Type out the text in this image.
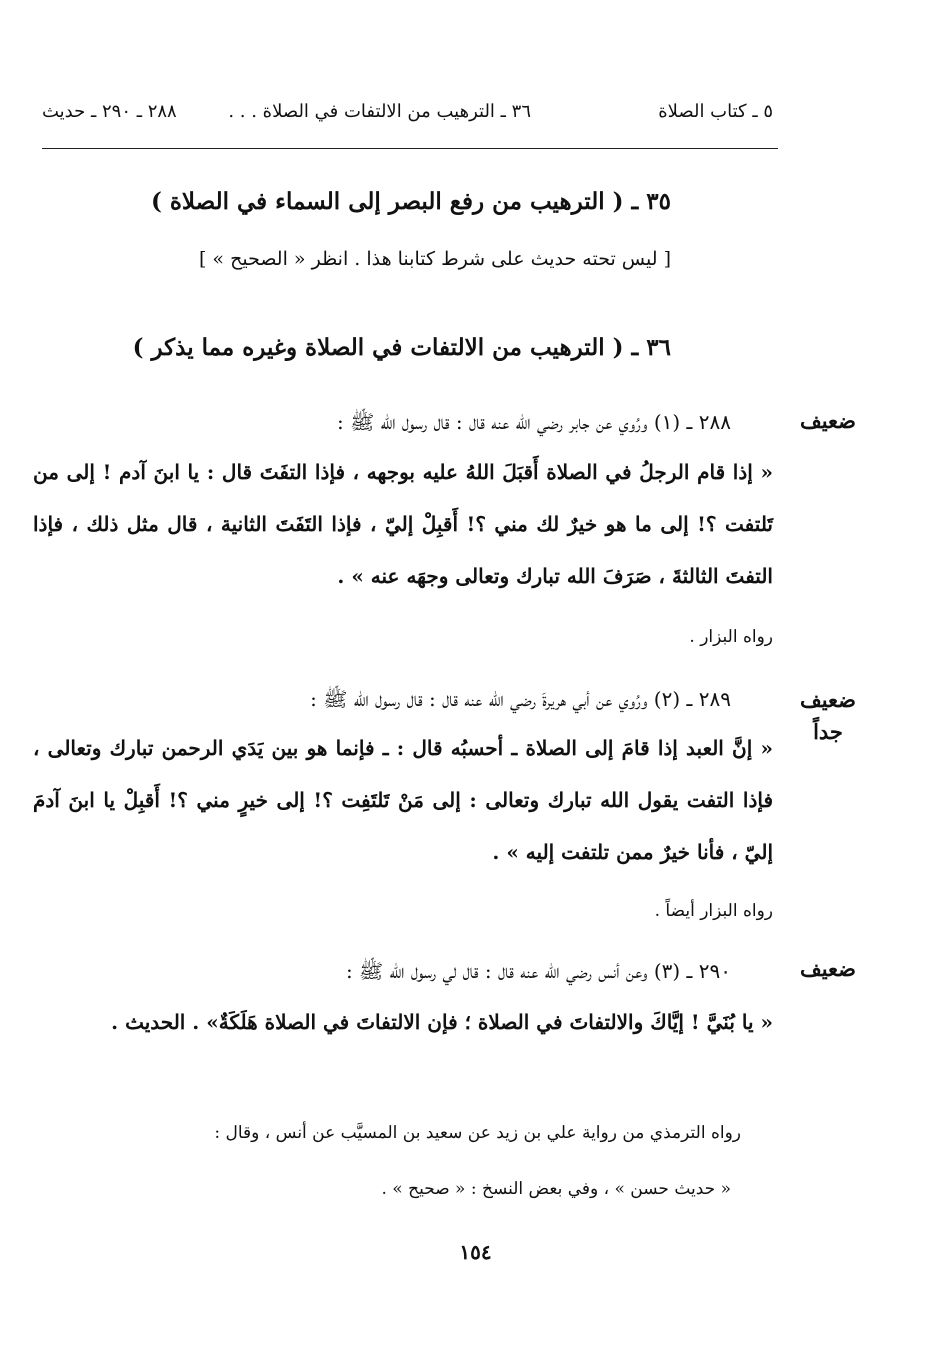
٥ ـ كتاب الصلاة
٣٦ ـ الترهيب من الالتفات في الصلاة . . .
٢٨٨ ـ ٢٩٠ ـ حديث
٣٥ ـ ( الترهيب من رفع البصر إلى السماء في الصلاة )
[ ليس تحته حديث على شرط كتابنا هذا . انظر « الصحيح » ]
٣٦ ـ ( الترهيب من الالتفات في الصلاة وغيره مما يذكر )
ضعيف
٢٨٨ ـ (١) ورُوي عن جابر رضي الله عنه قال : قال رسول الله ﷺ :
« إذا قام الرجلُ في الصلاة أَقبَلَ اللهُ عليه بوجهه ، فإذا التفَتَ قال : يا ابنَ آدم ! إلى من تَلتفت ؟! إلى ما هو خيرٌ لك مني ؟! أَقبِلْ إليّ ، فإذا التَفَتَ الثانية ، قال مثل ذلك ، فإذا التفتَ الثالثةَ ، صَرَفَ الله تبارك وتعالى وجهَه عنه » .
رواه البزار .
ضعيف جداً
٢٨٩ ـ (٢) ورُوي عن أبي هريرةَ رضي الله عنه قال : قال رسول الله ﷺ :
« إنَّ العبد إذا قامَ إلى الصلاة ـ أحسبُه قال : ـ فإنما هو بين يَدَي الرحمن تبارك وتعالى ، فإذا التفت يقول الله تبارك وتعالى : إلى مَنْ تَلتَفِت ؟! إلى خيرٍ مني ؟! أَقبِلْ يا ابنَ آدمَ إليّ ، فأنا خيرٌ ممن تلتفت إليه » .
رواه البزار أيضاً .
ضعيف
٢٩٠ ـ (٣) وعن أنس رضي الله عنه قال : قال لي رسول الله ﷺ :
« يا بُنَيَّ ! إيَّاكَ والالتفاتَ في الصلاة ؛ فإن الالتفاتَ في الصلاة هَلَكَةٌ» . الحديث .
رواه الترمذي من رواية علي بن زيد عن سعيد بن المسيَّب عن أنس ، وقال :
« حديث حسن » ، وفي بعض النسخ : « صحيح » .
١٥٤
